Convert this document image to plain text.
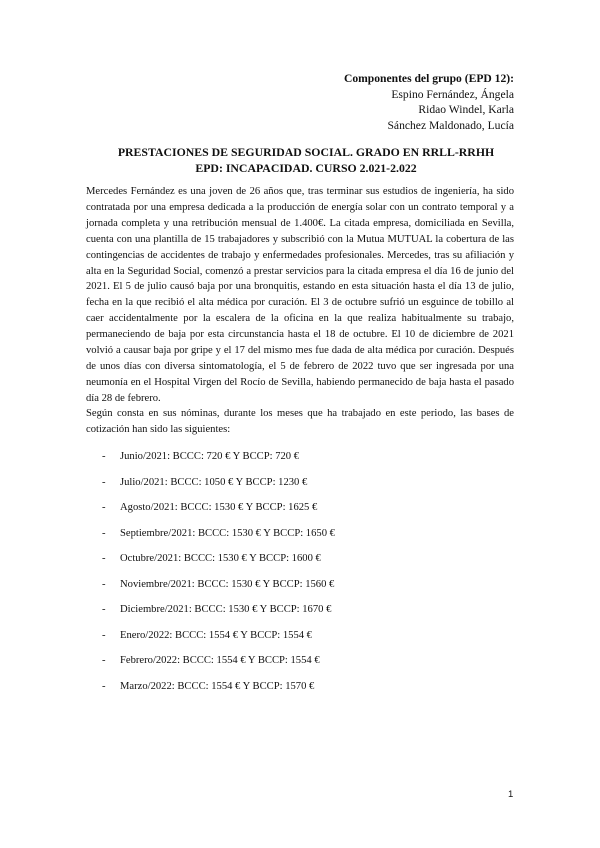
Componentes del grupo (EPD 12):
Espino Fernández, Ángela
Ridao Windel, Karla
Sánchez Maldonado, Lucía
PRESTACIONES DE SEGURIDAD SOCIAL. GRADO EN RRLL-RRHH
EPD: INCAPACIDAD. CURSO 2.021-2.022

Mercedes Fernández es una joven de 26 años que, tras terminar sus estudios de ingeniería, ha sido contratada por una empresa dedicada a la producción de energía solar con un contrato temporal y a jornada completa y una retribución mensual de 1.400€. La citada empresa, domiciliada en Sevilla, cuenta con una plantilla de 15 trabajadores y subscribió con la Mutua MUTUAL la cobertura de las contingencias de accidentes de trabajo y enfermedades profesionales. Mercedes, tras su afiliación y alta en la Seguridad Social, comenzó a prestar servicios para la citada empresa el día 16 de junio del 2021. El 5 de julio causó baja por una bronquitis, estando en esta situación hasta el día 13 de julio, fecha en la que recibió el alta médica por curación. El 3 de octubre sufrió un esguince de tobillo al caer accidentalmente por la escalera de la oficina en la que realiza habitualmente su trabajo, permaneciendo de baja por esta circunstancia hasta el 18 de octubre. El 10 de diciembre de 2021 volvió a causar baja por gripe y el 17 del mismo mes fue dada de alta médica por curación. Después de unos días con diversa sintomatología, el 5 de febrero de 2022 tuvo que ser ingresada por una neumonía en el Hospital Virgen del Rocío de Sevilla, habiendo permanecido de baja hasta el pasado día 28 de febrero.

Según consta en sus nóminas, durante los meses que ha trabajado en este periodo, las bases de cotización han sido las siguientes:

- Junio/2021: BCCC: 720 € Y BCCP: 720 €
- Julio/2021: BCCC: 1050 € Y BCCP: 1230 €
- Agosto/2021: BCCC: 1530 € Y BCCP: 1625 €
- Septiembre/2021: BCCC: 1530 € Y BCCP: 1650 €
- Octubre/2021: BCCC: 1530 € Y BCCP: 1600 €
- Noviembre/2021: BCCC: 1530 € Y BCCP: 1560 €
- Diciembre/2021: BCCC: 1530 € Y BCCP: 1670 €
- Enero/2022: BCCC: 1554 € Y BCCP: 1554 €
- Febrero/2022: BCCC: 1554 € Y BCCP: 1554 €
- Marzo/2022: BCCC: 1554 € Y BCCP: 1570 €
1
